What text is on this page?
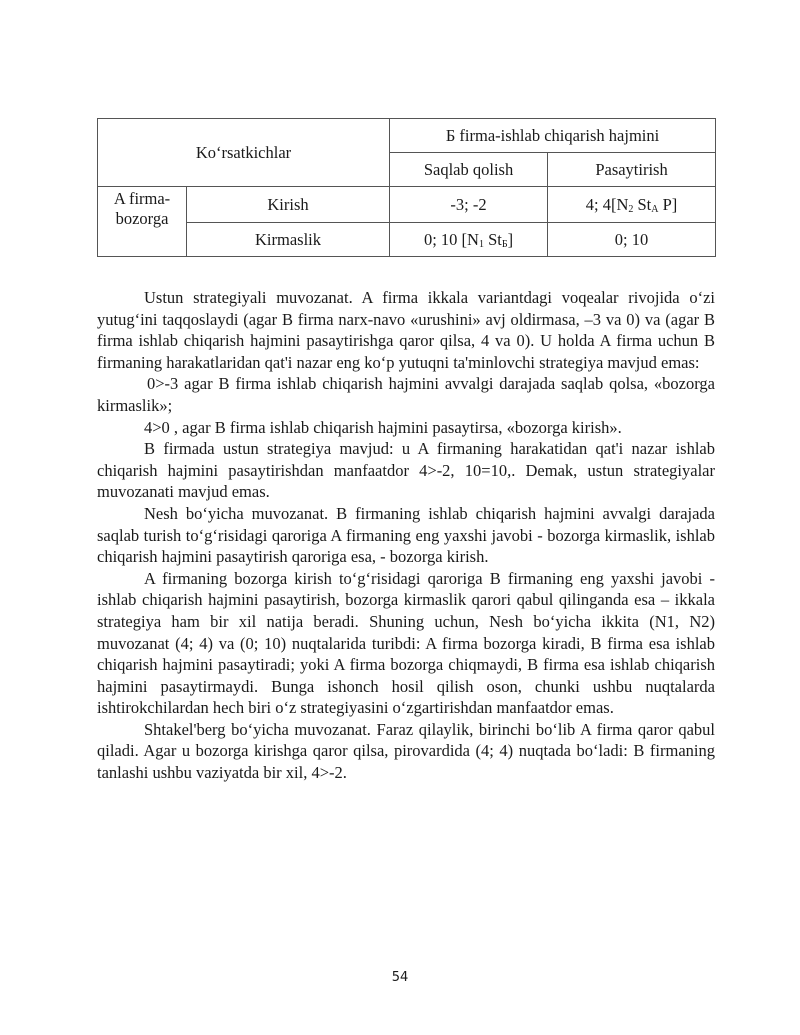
Ko‘rsatkichlar		Б firma-ishlab chiqarish hajmini	
		Saqlab qolish	Pasaytirish
A firma-bozorga	Kirish	-3; -2	4; $4[N_2$ $St_A$ P]
	Kirmaslik	0; 10 [$N_1$ $St_Б$]	0; 10

Ustun strategiyali muvozanat. A firma ikkala variantdagi voqealar rivojida o‘zi yutug‘ini taqqoslaydi (agar B firma narx-navo «urushini» avj oldirmasa, –3 va 0) va (agar B firma ishlab chiqarish hajmini pasaytirishga qaror qilsa, 4 va 0). U holda A firma uchun B firmaning harakatlaridan qat'i nazar eng ko‘p yutuqni ta'minlovchi strategiya mavjud emas:

0>-3 agar B firma ishlab chiqarish hajmini avvalgi darajada saqlab qolsa, «bozorga kirmaslik»;

4>0 , agar B firma ishlab chiqarish hajmini pasaytirsa, «bozorga kirish».

B firmada ustun strategiya mavjud: u A firmaning harakatidan qat'i nazar ishlab chiqarish hajmini pasaytirishdan manfaatdor 4>-2, 10=10,. Demak, ustun strategiyalar muvozanati mavjud emas.

Nesh bo‘yicha muvozanat. B firmaning ishlab chiqarish hajmini avvalgi darajada saqlab turish to‘g‘risidagi qaroriga A firmaning eng yaxshi javobi - bozorga kirmaslik, ishlab chiqarish hajmini pasaytirish qaroriga esa, - bozorga kirish.

A firmaning bozorga kirish to‘g‘risidagi qaroriga B firmaning eng yaxshi javobi - ishlab chiqarish hajmini pasaytirish, bozorga kirmaslik qarori qabul qilinganda esa – ikkala strategiya ham bir xil natija beradi. Shuning uchun, Nesh bo‘yicha ikkita (N1, N2) muvozanat (4; 4) va (0; 10) nuqtalarida turibdi: A firma bozorga kiradi, B firma esa ishlab chiqarish hajmini pasaytiradi; yoki A firma bozorga chiqmaydi, B firma esa ishlab chiqarish hajmini pasaytirmaydi. Bunga ishonch hosil qilish oson, chunki ushbu nuqtalarda ishtirokchilardan hech biri o‘z strategiyasini o‘zgartirishdan manfaatdor emas.

Shtakel'berg bo‘yicha muvozanat. Faraz qilaylik, birinchi bo‘lib A firma qaror qabul qiladi. Agar u bozorga kirishga qaror qilsa, pirovardida (4; 4) nuqtada bo‘ladi: B firmaning tanlashi ushbu vaziyatda bir xil, 4>-2.

54
